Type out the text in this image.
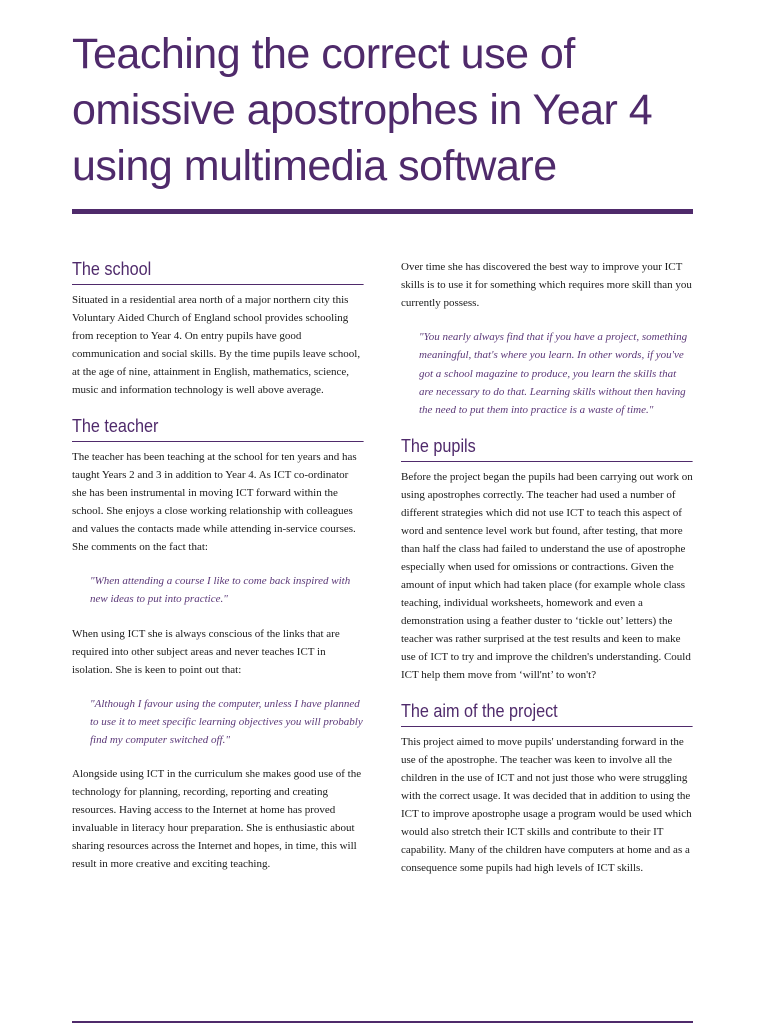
Teaching the correct use of omissive apostrophes in Year 4 using multimedia software
The school

Situated in a residential area north of a major northern city this Voluntary Aided Church of England school provides schooling from reception to Year 4. On entry pupils have good communication and social skills. By the time pupils leave school, at the age of nine, attainment in English, mathematics, science, music and information technology is well above average.

The teacher

The teacher has been teaching at the school for ten years and has taught Years 2 and 3 in addition to Year 4. As ICT co-ordinator she has been instrumental in moving ICT forward within the school. She enjoys a close working relationship with colleagues and values the contacts made while attending in-service courses. She comments on the fact that:

"When attending a course I like to come back inspired with new ideas to put into practice."

When using ICT she is always conscious of the links that are required into other subject areas and never teaches ICT in isolation. She is keen to point out that:

"Although I favour using the computer, unless I have planned to use it to meet specific learning objectives you will probably find my computer switched off."

Alongside using ICT in the curriculum she makes good use of the technology for planning, recording, reporting and creating resources. Having access to the Internet at home has proved invaluable in literacy hour preparation. She is enthusiastic about sharing resources across the Internet and hopes, in time, this will result in more creative and exciting teaching.

Over time she has discovered the best way to improve your ICT skills is to use it for something which requires more skill than you currently possess.

"You nearly always find that if you have a project, something meaningful, that's where you learn. In other words, if you've got a school magazine to produce, you learn the skills that are necessary to do that. Learning skills without then having the need to put them into practice is a waste of time."

The pupils

Before the project began the pupils had been carrying out work on using apostrophes correctly. The teacher had used a number of different strategies which did not use ICT to teach this aspect of word and sentence level work but found, after testing, that more than half the class had failed to understand the use of apostrophe especially when used for omissions or contractions. Given the amount of input which had taken place (for example whole class teaching, individual worksheets, homework and even a demonstration using a feather duster to ‘tickle out’ letters) the teacher was rather surprised at the test results and keen to make use of ICT to try and improve the children's understanding. Could ICT help them move from ‘will'nt’ to won't?

The aim of the project

This project aimed to move pupils' understanding forward in the use of the apostrophe. The teacher was keen to involve all the children in the use of ICT and not just those who were struggling with the correct usage. It was decided that in addition to using the ICT to improve apostrophe usage a program would be used which would also stretch their ICT skills and contribute to their IT capability. Many of the children have computers at home and as a consequence some pupils had high levels of ICT skills.
